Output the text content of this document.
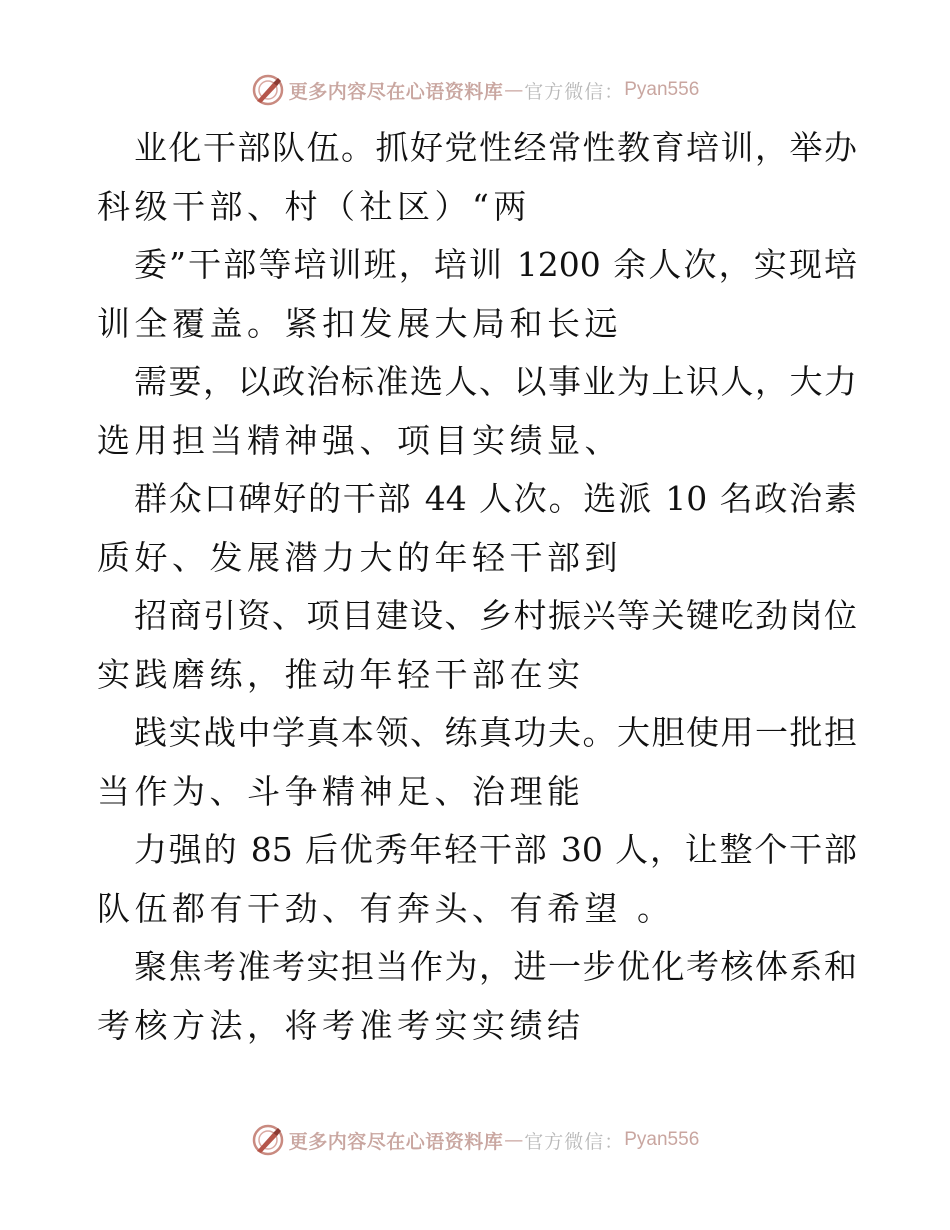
更多内容尽在心语资料库 — 官方微信： Pyan556
业化干部队伍。抓好党性经常性教育培训，举办
科级干部、村（社区）“两
委”干部等培训班，培训 1200 余人次，实现培
训全覆盖。紧扣发展大局和长远
需要，以政治标准选人、以事业为上识人，大力
选用担当精神强、项目实绩显、
群众口碑好的干部 44 人次。选派 10 名政治素
质好、发展潜力大的年轻干部到
招商引资、项目建设、乡村振兴等关键吃劲岗位
实践磨练，推动年轻干部在实
践实战中学真本领、练真功夫。大胆使用一批担
当作为、斗争精神足、治理能
力强的 85 后优秀年轻干部 30 人，让整个干部
队伍都有干劲、有奔头、有希望 。
聚焦考准考实担当作为，进一步优化考核体系和
考核方法，将考准考实实绩结
更多内容尽在心语资料库 — 官方微信： Pyan556
